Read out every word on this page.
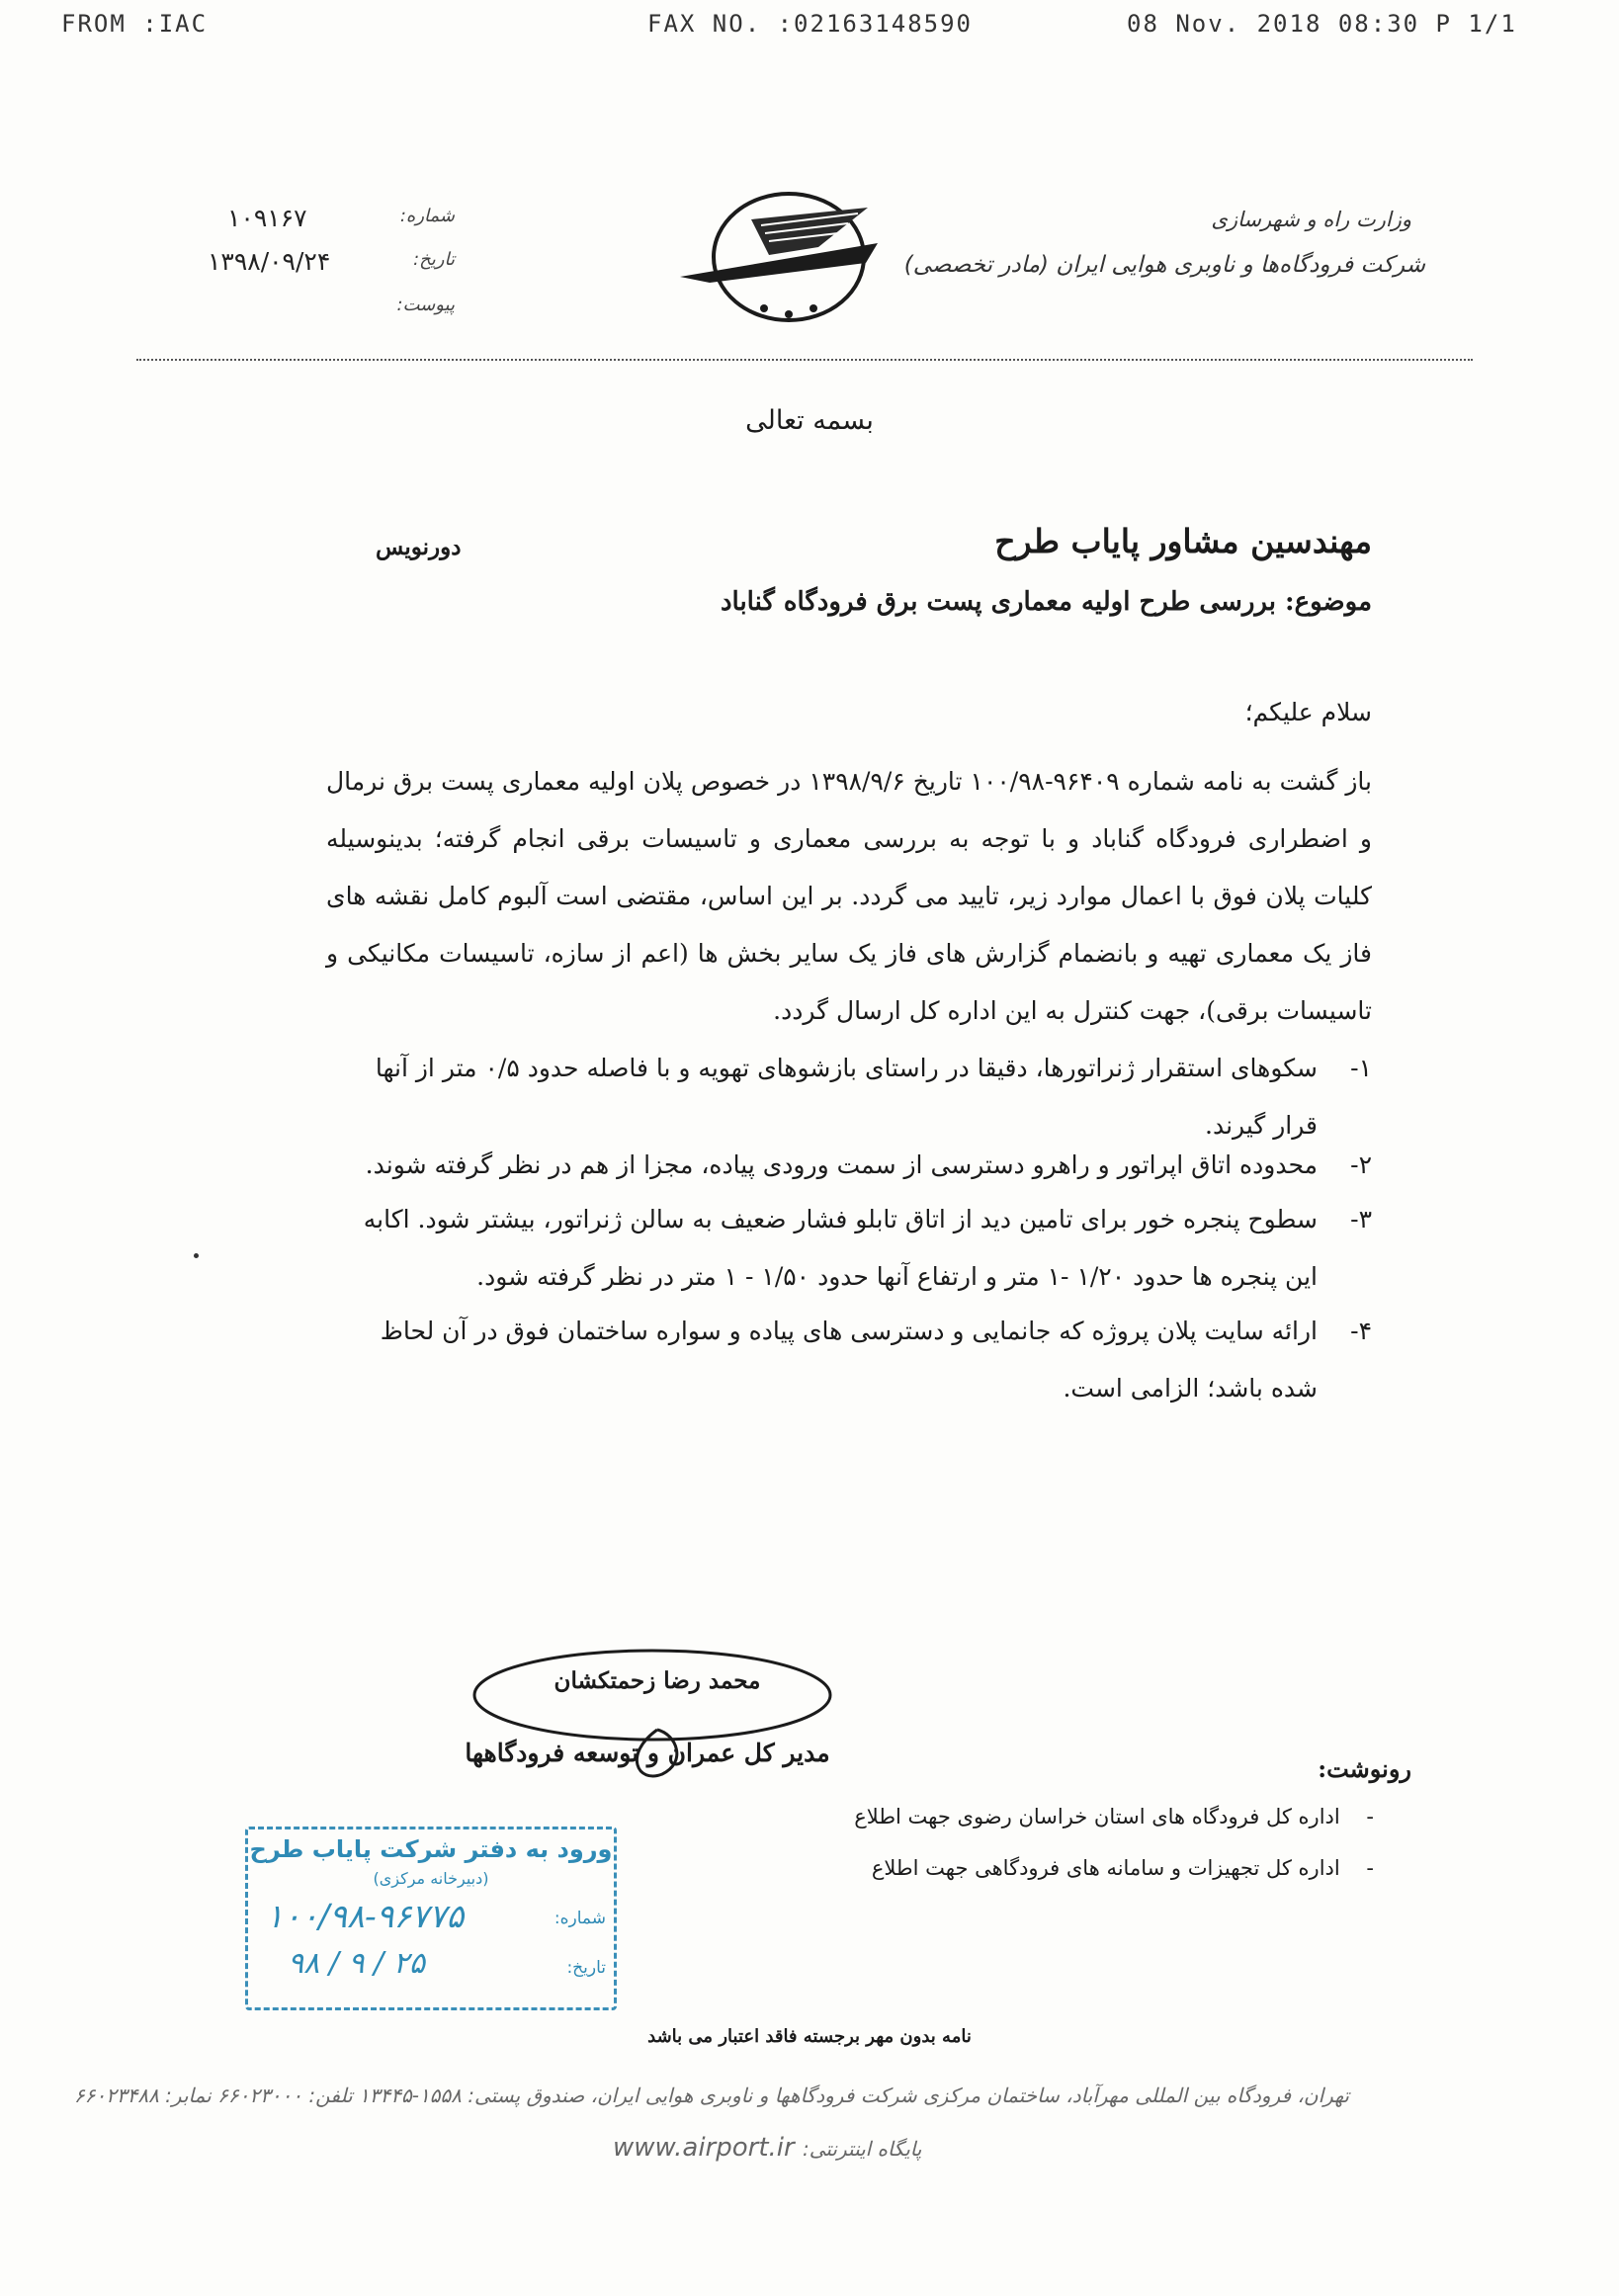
FROM :IAC	FAX NO. :02163148590	08 Nov. 2018 08:30 P 1/1
۱۰۹۱۶۷	شماره:
۱۳۹۸/۰۹/۲۴	تاریخ:
پیوست:
وزارت راه و شهرسازی
شرکت فرودگاه‌ها و ناوبری هوایی ایران (مادر تخصصی)
بسمه تعالی
مهندسین مشاور پایاب طرح
دورنویس
موضوع: بررسی طرح اولیه معماری پست برق فرودگاه گناباد
سلام علیکم؛
باز گشت به نامه شماره ۹۶۴۰۹-۱۰۰/۹۸ تاریخ ۱۳۹۸/۹/۶ در خصوص پلان اولیه معماری پست برق نرمال و اضطراری فرودگاه گناباد و با توجه به بررسی معماری و تاسیسات برقی انجام گرفته؛ بدینوسیله کلیات پلان فوق با اعمال موارد زیر، تایید می گردد. بر این اساس، مقتضی است آلبوم کامل نقشه های فاز یک معماری تهیه و بانضمام گزارش های فاز یک سایر بخش ها (اعم از سازه، تاسیسات مکانیکی و تاسیسات برقی)، جهت کنترل به این اداره کل ارسال گردد.
۱-
سکوهای استقرار ژنراتورها، دقیقا در راستای بازشوهای تهویه و با فاصله حدود ۰/۵ متر از آنها قرار گیرند.
۲-
محدوده اتاق اپراتور و راهرو دسترسی از سمت ورودی پیاده، مجزا از هم در نظر گرفته شوند.
۳-
سطوح پنجره خور برای تامین دید از اتاق تابلو فشار ضعیف به سالن ژنراتور، بیشتر شود. اکابه این پنجره ها حدود ۱/۲۰ -۱ متر و ارتفاع آنها حدود ۱/۵۰ - ۱ متر در نظر گرفته شود.
۴-
ارائه سایت پلان پروژه که جانمایی و دسترسی های پیاده و سواره ساختمان فوق در آن لحاظ شده باشد؛ الزامی است.
محمد رضا زحمتکشان
مدیر کل عمران و توسعه فرودگاهها
رونوشت:
-    اداره کل فرودگاه های استان خراسان رضوی جهت اطلاع
-    اداره کل تجهیزات و سامانه های فرودگاهی جهت اطلاع
ورود به دفتر شرکت پایاب طرح
(دبیرخانه مرکزی)
شماره:
۱۰۰/۹۸-۹۶۷۷۵
تاریخ:
۹۸ / ۹ / ۲۵
نامه بدون مهر برجسته فاقد اعتبار می باشد
تهران، فرودگاه بین المللی مهرآباد، ساختمان مرکزی شرکت فرودگاهها و ناوبری هوایی ایران، صندوق پستی: ۱۵۵۸-۱۳۴۴۵ تلفن: ۶۶۰۲۳۰۰۰ نمابر: ۶۶۰۲۳۴۸۸
www.airport.ir پایگاه اینترنتی:
